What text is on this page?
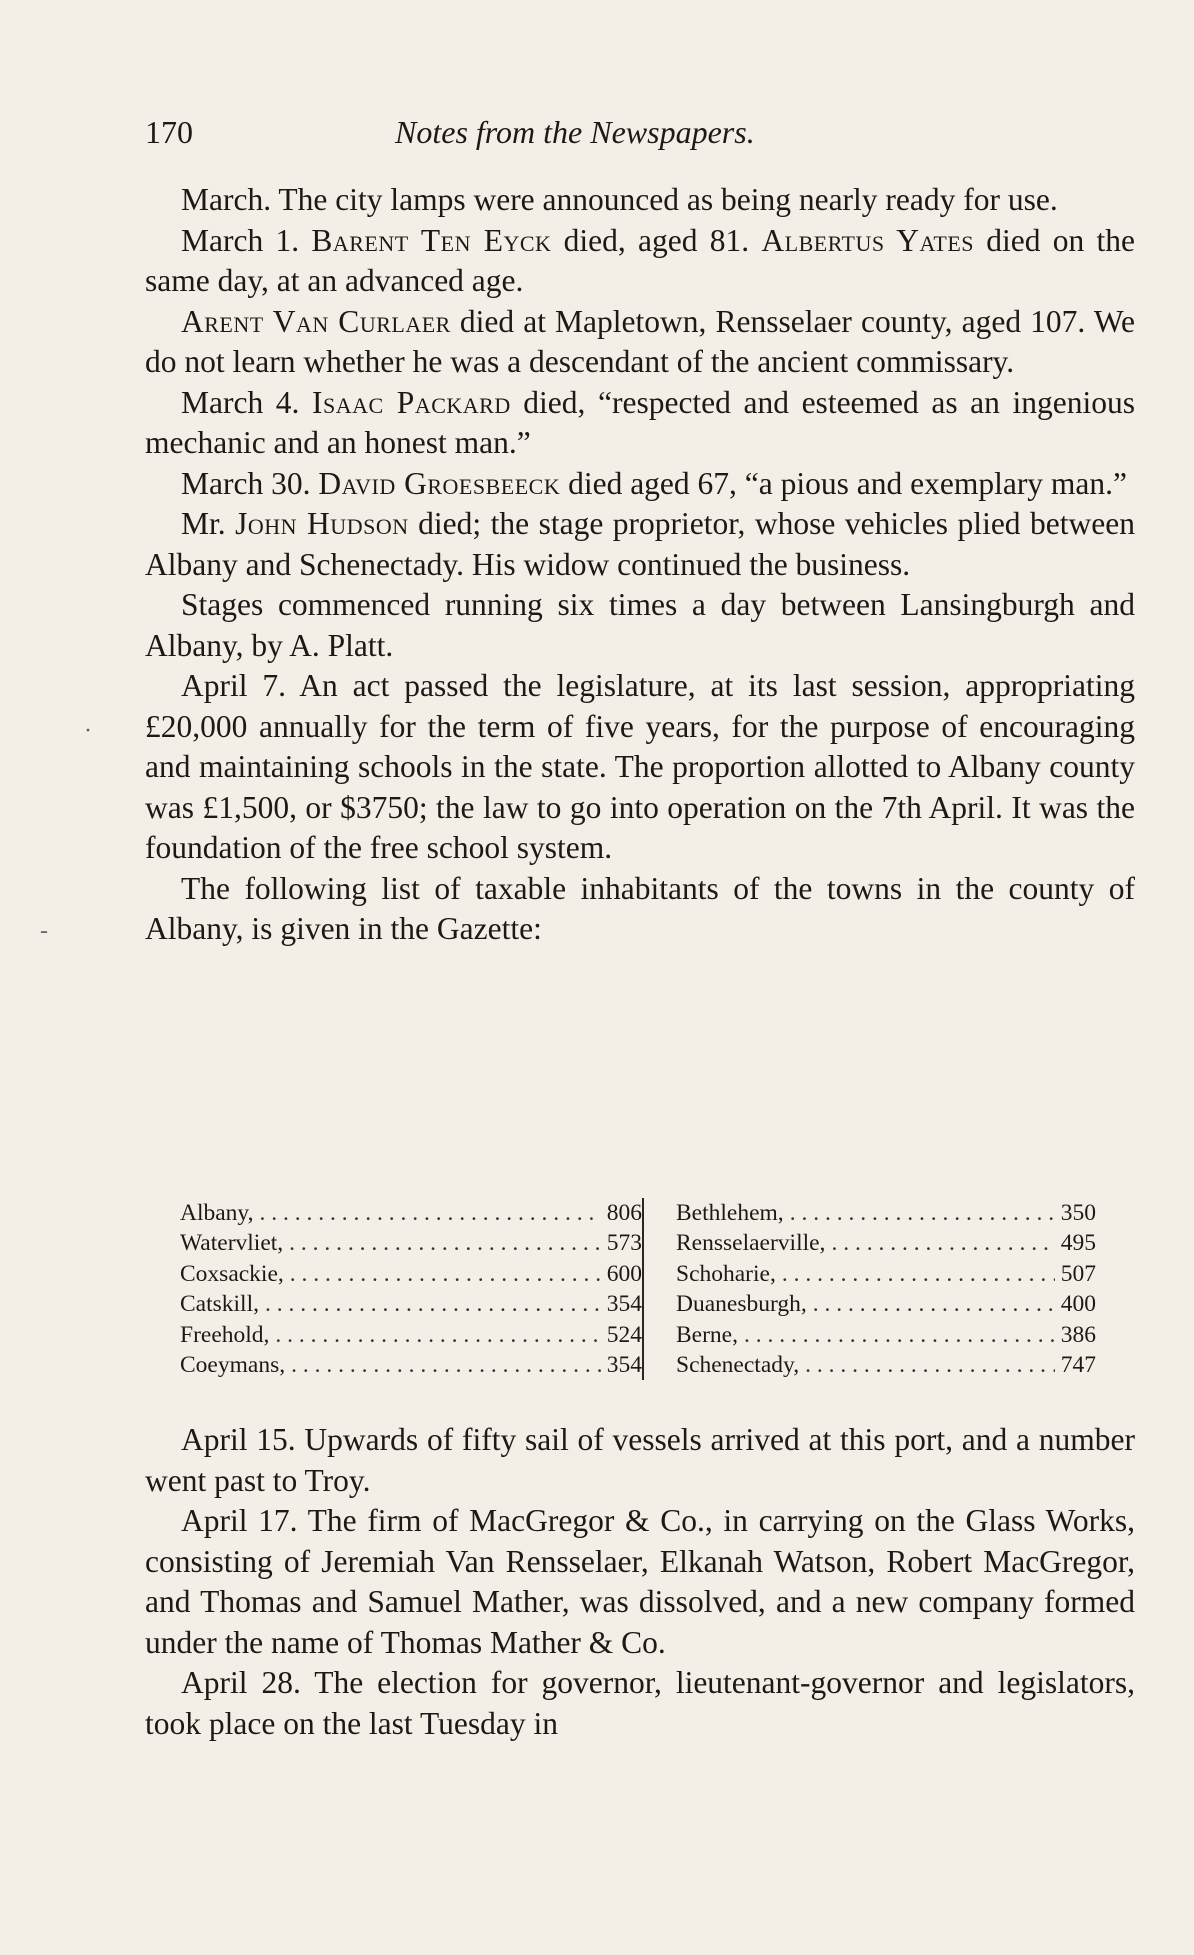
170	Notes from the Newspapers.

March. The city lamps were announced as being nearly ready for use.

March 1. Barent Ten Eyck died, aged 81. Albertus Yates died on the same day, at an advanced age.

Arent Van Curlaer died at Mapletown, Rensselaer county, aged 107. We do not learn whether he was a descendant of the ancient commissary.

March 4. Isaac Packard died, “respected and esteemed as an ingenious mechanic and an honest man.”

March 30. David Groesbeeck died aged 67, “a pious and exemplary man.”

Mr. John Hudson died; the stage proprietor, whose vehicles plied between Albany and Schenectady. His widow continued the business.

Stages commenced running six times a day between Lansingburgh and Albany, by A. Platt.

April 7. An act passed the legislature, at its last session, appropriating £20,000 annually for the term of five years, for the purpose of encouraging and maintaining schools in the state. The proportion allotted to Albany county was £1,500, or $3750; the law to go into operation on the 7th April. It was the foundation of the free school system.

The following list of taxable inhabitants of the towns in the county of Albany, is given in the Gazette:

Albany, . . .	806
Watervliet, . . .	573
Coxsackie, . . .	600
Catskill, . . .	354
Freehold, . . .	524
Coeymans, . . .	354
Bethlehem, . . .	350
Rensselaerville, . . .	495
Schoharie, . . .	507
Duanesburgh, . . .	400
Berne, . . .	386
Schenectady, . . .	747

April 15. Upwards of fifty sail of vessels arrived at this port, and a number went past to Troy.

April 17. The firm of MacGregor & Co., in carrying on the Glass Works, consisting of Jeremiah Van Rensselaer, Elkanah Watson, Robert MacGregor, and Thomas and Samuel Mather, was dissolved, and a new company formed under the name of Thomas Mather & Co.

April 28. The election for governor, lieutenant-governor and legislators, took place on the last Tuesday in

·
-
